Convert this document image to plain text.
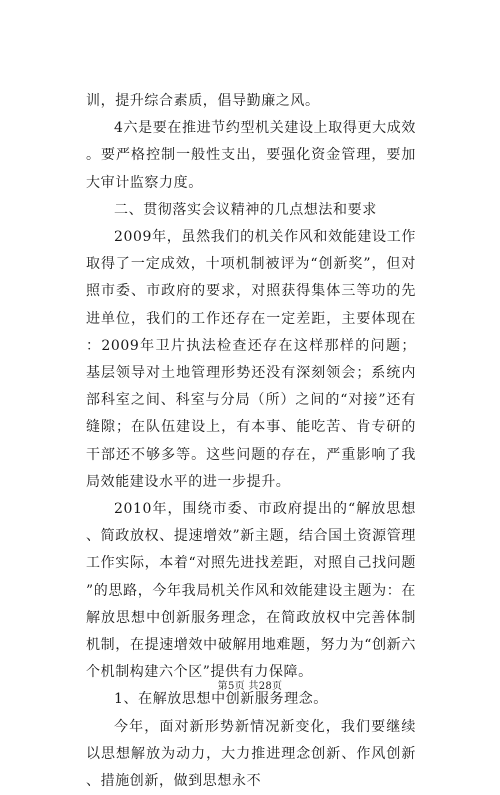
训，提升综合素质，倡导勤廉之风。

4六是要在推进节约型机关建设上取得更大成效。要严格控制一般性支出，要强化资金管理，要加大审计监察力度。

二、贯彻落实会议精神的几点想法和要求

2009年，虽然我们的机关作风和效能建设工作取得了一定成效，十项机制被评为“创新奖”，但对照市委、市政府的要求，对照获得集体三等功的先进单位，我们的工作还存在一定差距，主要体现在：2009年卫片执法检查还存在这样那样的问题；基层领导对土地管理形势还没有深刻领会；系统内部科室之间、科室与分局（所）之间的“对接”还有缝隙；在队伍建设上，有本事、能吃苦、肯专研的干部还不够多等。这些问题的存在，严重影响了我局效能建设水平的进一步提升。

2010年，围绕市委、市政府提出的“解放思想、简政放权、提速增效”新主题，结合国土资源管理工作实际，本着“对照先进找差距，对照自己找问题”的思路，今年我局机关作风和效能建设主题为：在解放思想中创新服务理念，在简政放权中完善体制机制，在提速增效中破解用地难题，努力为“创新六个机制构建六个区”提供有力保障。

1、在解放思想中创新服务理念。

今年，面对新形势新情况新变化，我们要继续以思想解放为动力，大力推进理念创新、作风创新、措施创新，做到思想永不

第5页 共28页
